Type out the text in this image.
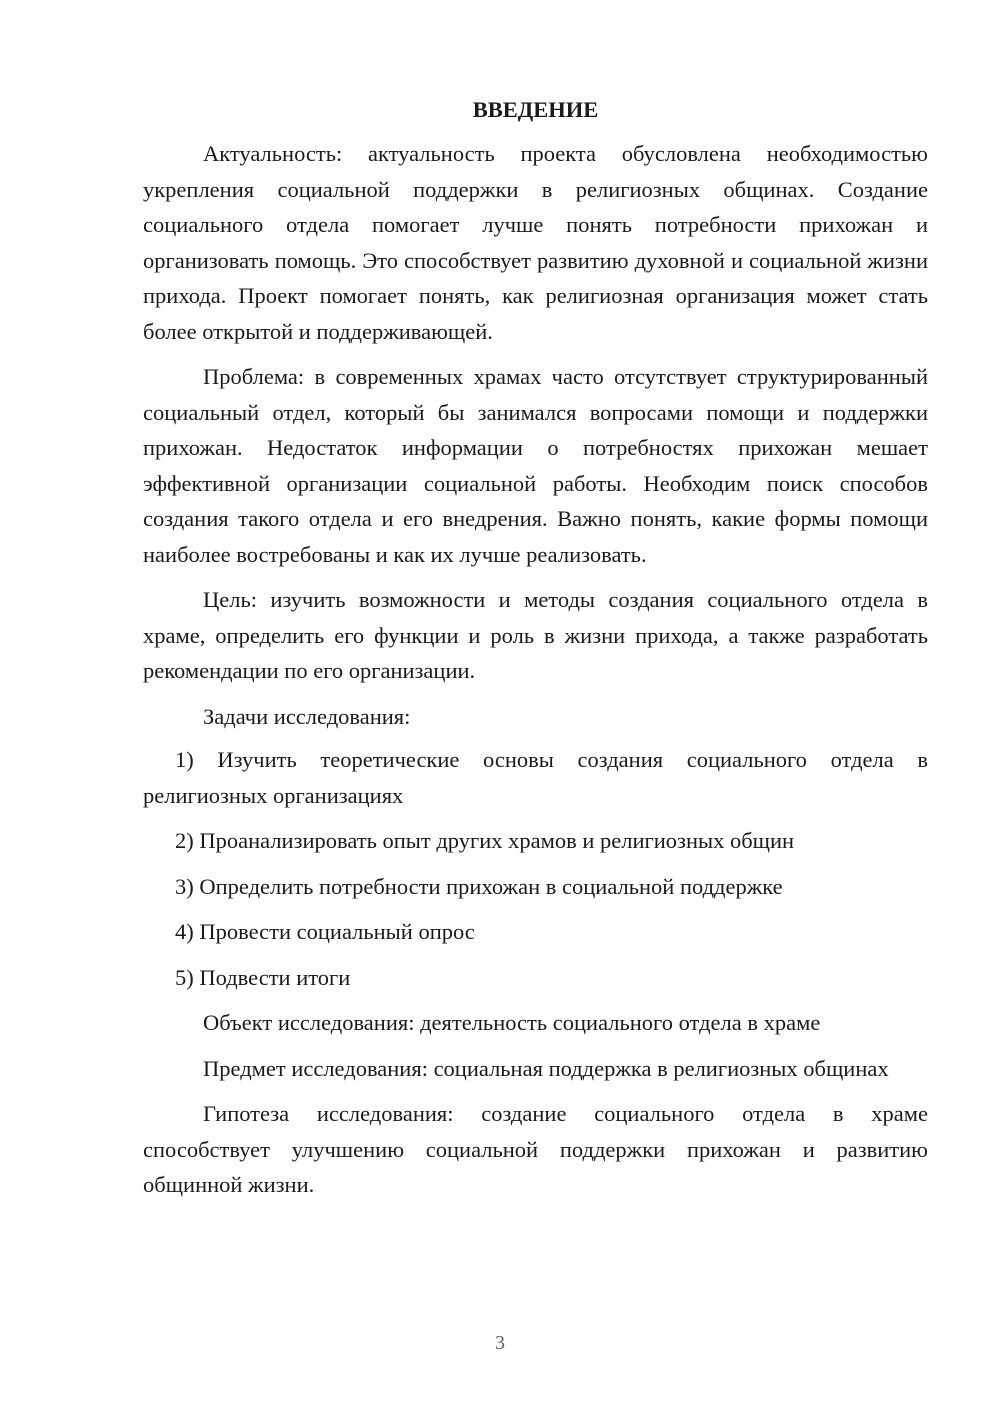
ВВЕДЕНИЕ

Актуальность: актуальность проекта обусловлена необходимостью укрепления социальной поддержки в религиозных общинах. Создание социального отдела помогает лучше понять потребности прихожан и организовать помощь. Это способствует развитию духовной и социальной жизни прихода. Проект помогает понять, как религиозная организация может стать более открытой и поддерживающей.

Проблема: в современных храмах часто отсутствует структурированный социальный отдел, который бы занимался вопросами помощи и поддержки прихожан. Недостаток информации о потребностях прихожан мешает эффективной организации социальной работы. Необходим поиск способов создания такого отдела и его внедрения. Важно понять, какие формы помощи наиболее востребованы и как их лучше реализовать.

Цель: изучить возможности и методы создания социального отдела в храме, определить его функции и роль в жизни прихода, а также разработать рекомендации по его организации.

Задачи исследования:

1) Изучить теоретические основы создания социального отдела в религиозных организациях

2) Проанализировать опыт других храмов и религиозных общин

3) Определить потребности прихожан в социальной поддержке

4) Провести социальный опрос

5) Подвести итоги

Объект исследования: деятельность социального отдела в храме

Предмет исследования: социальная поддержка в религиозных общинах

Гипотеза исследования: создание социального отдела в храме способствует улучшению социальной поддержки прихожан и развитию общинной жизни.

3
